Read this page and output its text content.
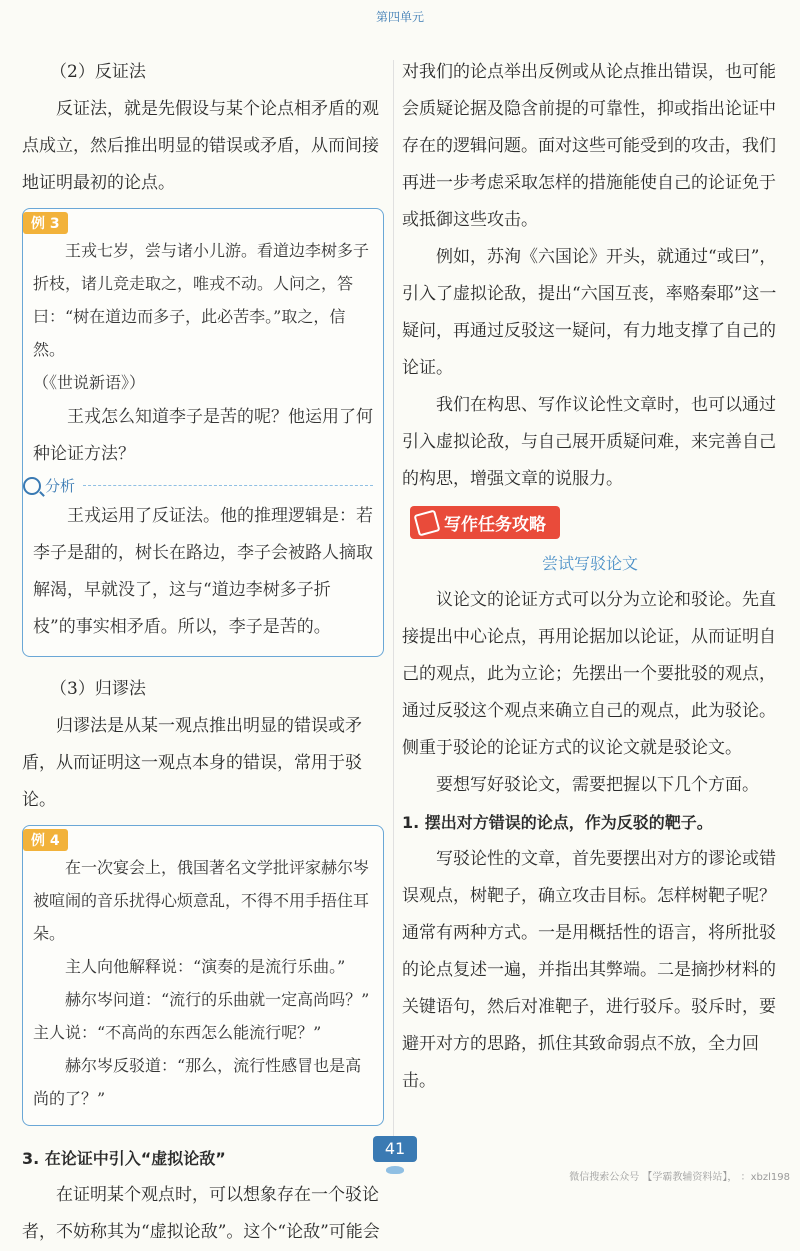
第四单元

（2）反证法

反证法，就是先假设与某个论点相矛盾的观点成立，然后推出明显的错误或矛盾，从而间接地证明最初的论点。

例 3

王戎七岁，尝与诸小儿游。看道边李树多子折枝，诸儿竞走取之，唯戎不动。人问之，答曰：“树在道边而多子，此必苦李。”取之，信然。

（《世说新语》）

王戎怎么知道李子是苦的呢？他运用了何种论证方法？

分析

王戎运用了反证法。他的推理逻辑是：若李子是甜的，树长在路边，李子会被路人摘取解渴，早就没了，这与“道边李树多子折枝”的事实相矛盾。所以，李子是苦的。

（3）归谬法

归谬法是从某一观点推出明显的错误或矛盾，从而证明这一观点本身的错误，常用于驳论。

例 4

在一次宴会上，俄国著名文学批评家赫尔岑被喧闹的音乐扰得心烦意乱，不得不用手捂住耳朵。

主人向他解释说：“演奏的是流行乐曲。”

赫尔岑问道：“流行的乐曲就一定高尚吗？”

主人说：“不高尚的东西怎么能流行呢？”

赫尔岑反驳道：“那么，流行性感冒也是高尚的了？”

3. 在论证中引入“虚拟论敌”

在证明某个观点时，可以想象存在一个驳论者，不妨称其为“虚拟论敌”。这个“论敌”可能会

对我们的论点举出反例或从论点推出错误，也可能会质疑论据及隐含前提的可靠性，抑或指出论证中存在的逻辑问题。面对这些可能受到的攻击，我们再进一步考虑采取怎样的措施能使自己的论证免于或抵御这些攻击。

例如，苏洵《六国论》开头，就通过“或曰”，引入了虚拟论敌，提出“六国互丧，率赂秦耶”这一疑问，再通过反驳这一疑问，有力地支撑了自己的论证。

我们在构思、写作议论性文章时，也可以通过引入虚拟论敌，与自己展开质疑问难，来完善自己的构思，增强文章的说服力。

写作任务攻略

尝试写驳论文

议论文的论证方式可以分为立论和驳论。先直接提出中心论点，再用论据加以论证，从而证明自己的观点，此为立论；先摆出一个要批驳的观点，通过反驳这个观点来确立自己的观点，此为驳论。侧重于驳论的论证方式的议论文就是驳论文。

要想写好驳论文，需要把握以下几个方面。

1. 摆出对方错误的论点，作为反驳的靶子。

写驳论性的文章，首先要摆出对方的谬论或错误观点，树靶子，确立攻击目标。怎样树靶子呢？通常有两种方式。一是用概括性的语言，将所批驳的论点复述一遍，并指出其弊端。二是摘抄材料的关键语句，然后对准靶子，进行驳斥。驳斥时，要避开对方的思路，抓住其致命弱点不放，全力回击。

41
微信搜索公众号 【学霸教辅资料站】， ：xbzl198
